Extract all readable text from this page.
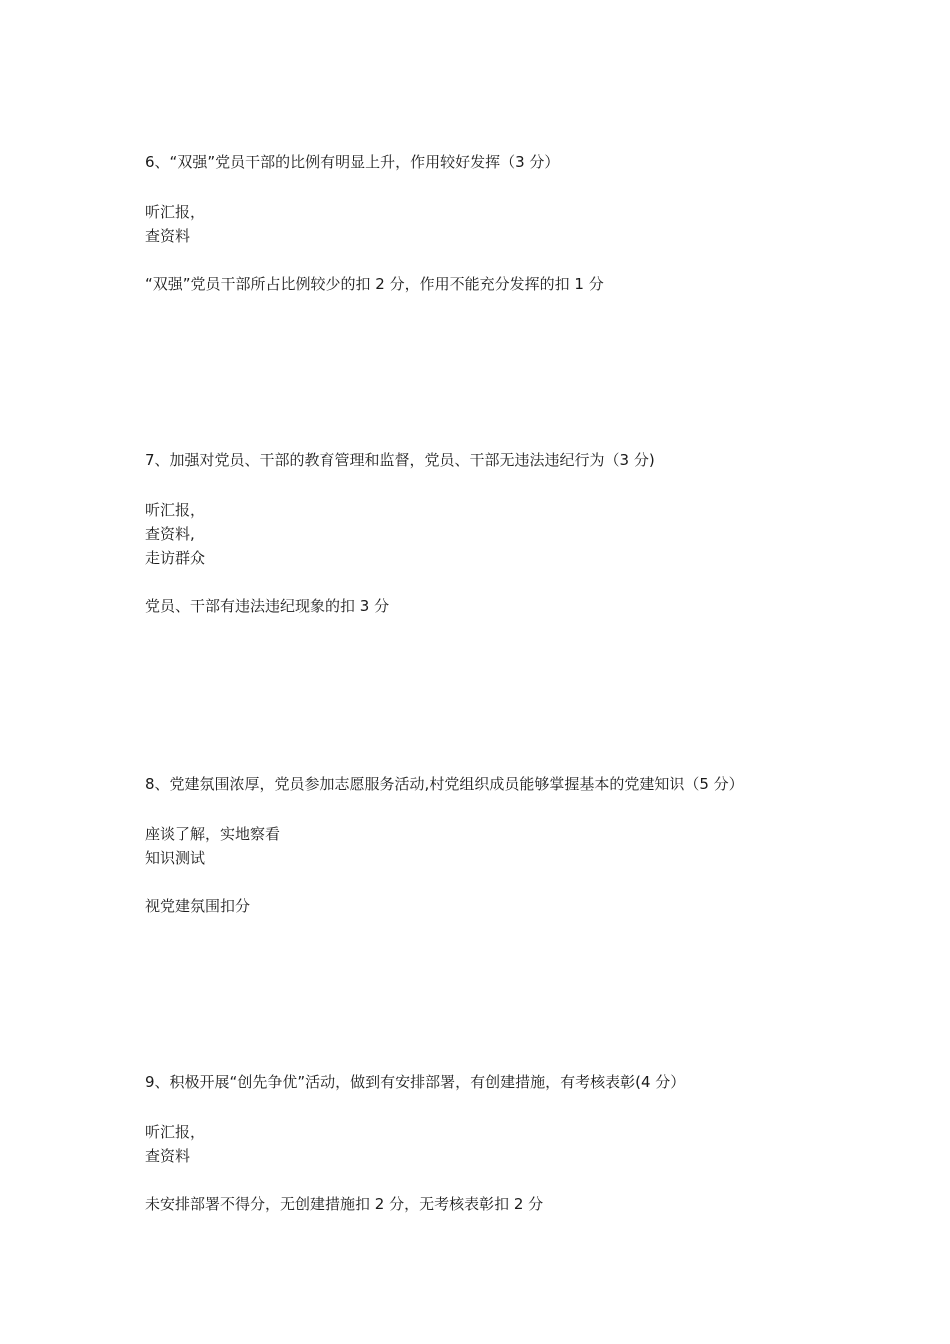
6、“双强”党员干部的比例有明显上升，作用较好发挥（3 分）

听汇报，
查资料

“双强”党员干部所占比例较少的扣 2 分，作用不能充分发挥的扣 1 分

7、加强对党员、干部的教育管理和监督，党员、干部无违法违纪行为（3 分)

听汇报，
查资料,
走访群众

党员、干部有违法违纪现象的扣 3 分

8、党建氛围浓厚，党员参加志愿服务活动,村党组织成员能够掌握基本的党建知识（5 分）

座谈了解，实地察看
知识测试

视党建氛围扣分

9、积极开展“创先争优”活动，做到有安排部署，有创建措施，有考核表彰(4 分）

听汇报，
查资料

未安排部署不得分，无创建措施扣 2 分，无考核表彰扣 2 分
